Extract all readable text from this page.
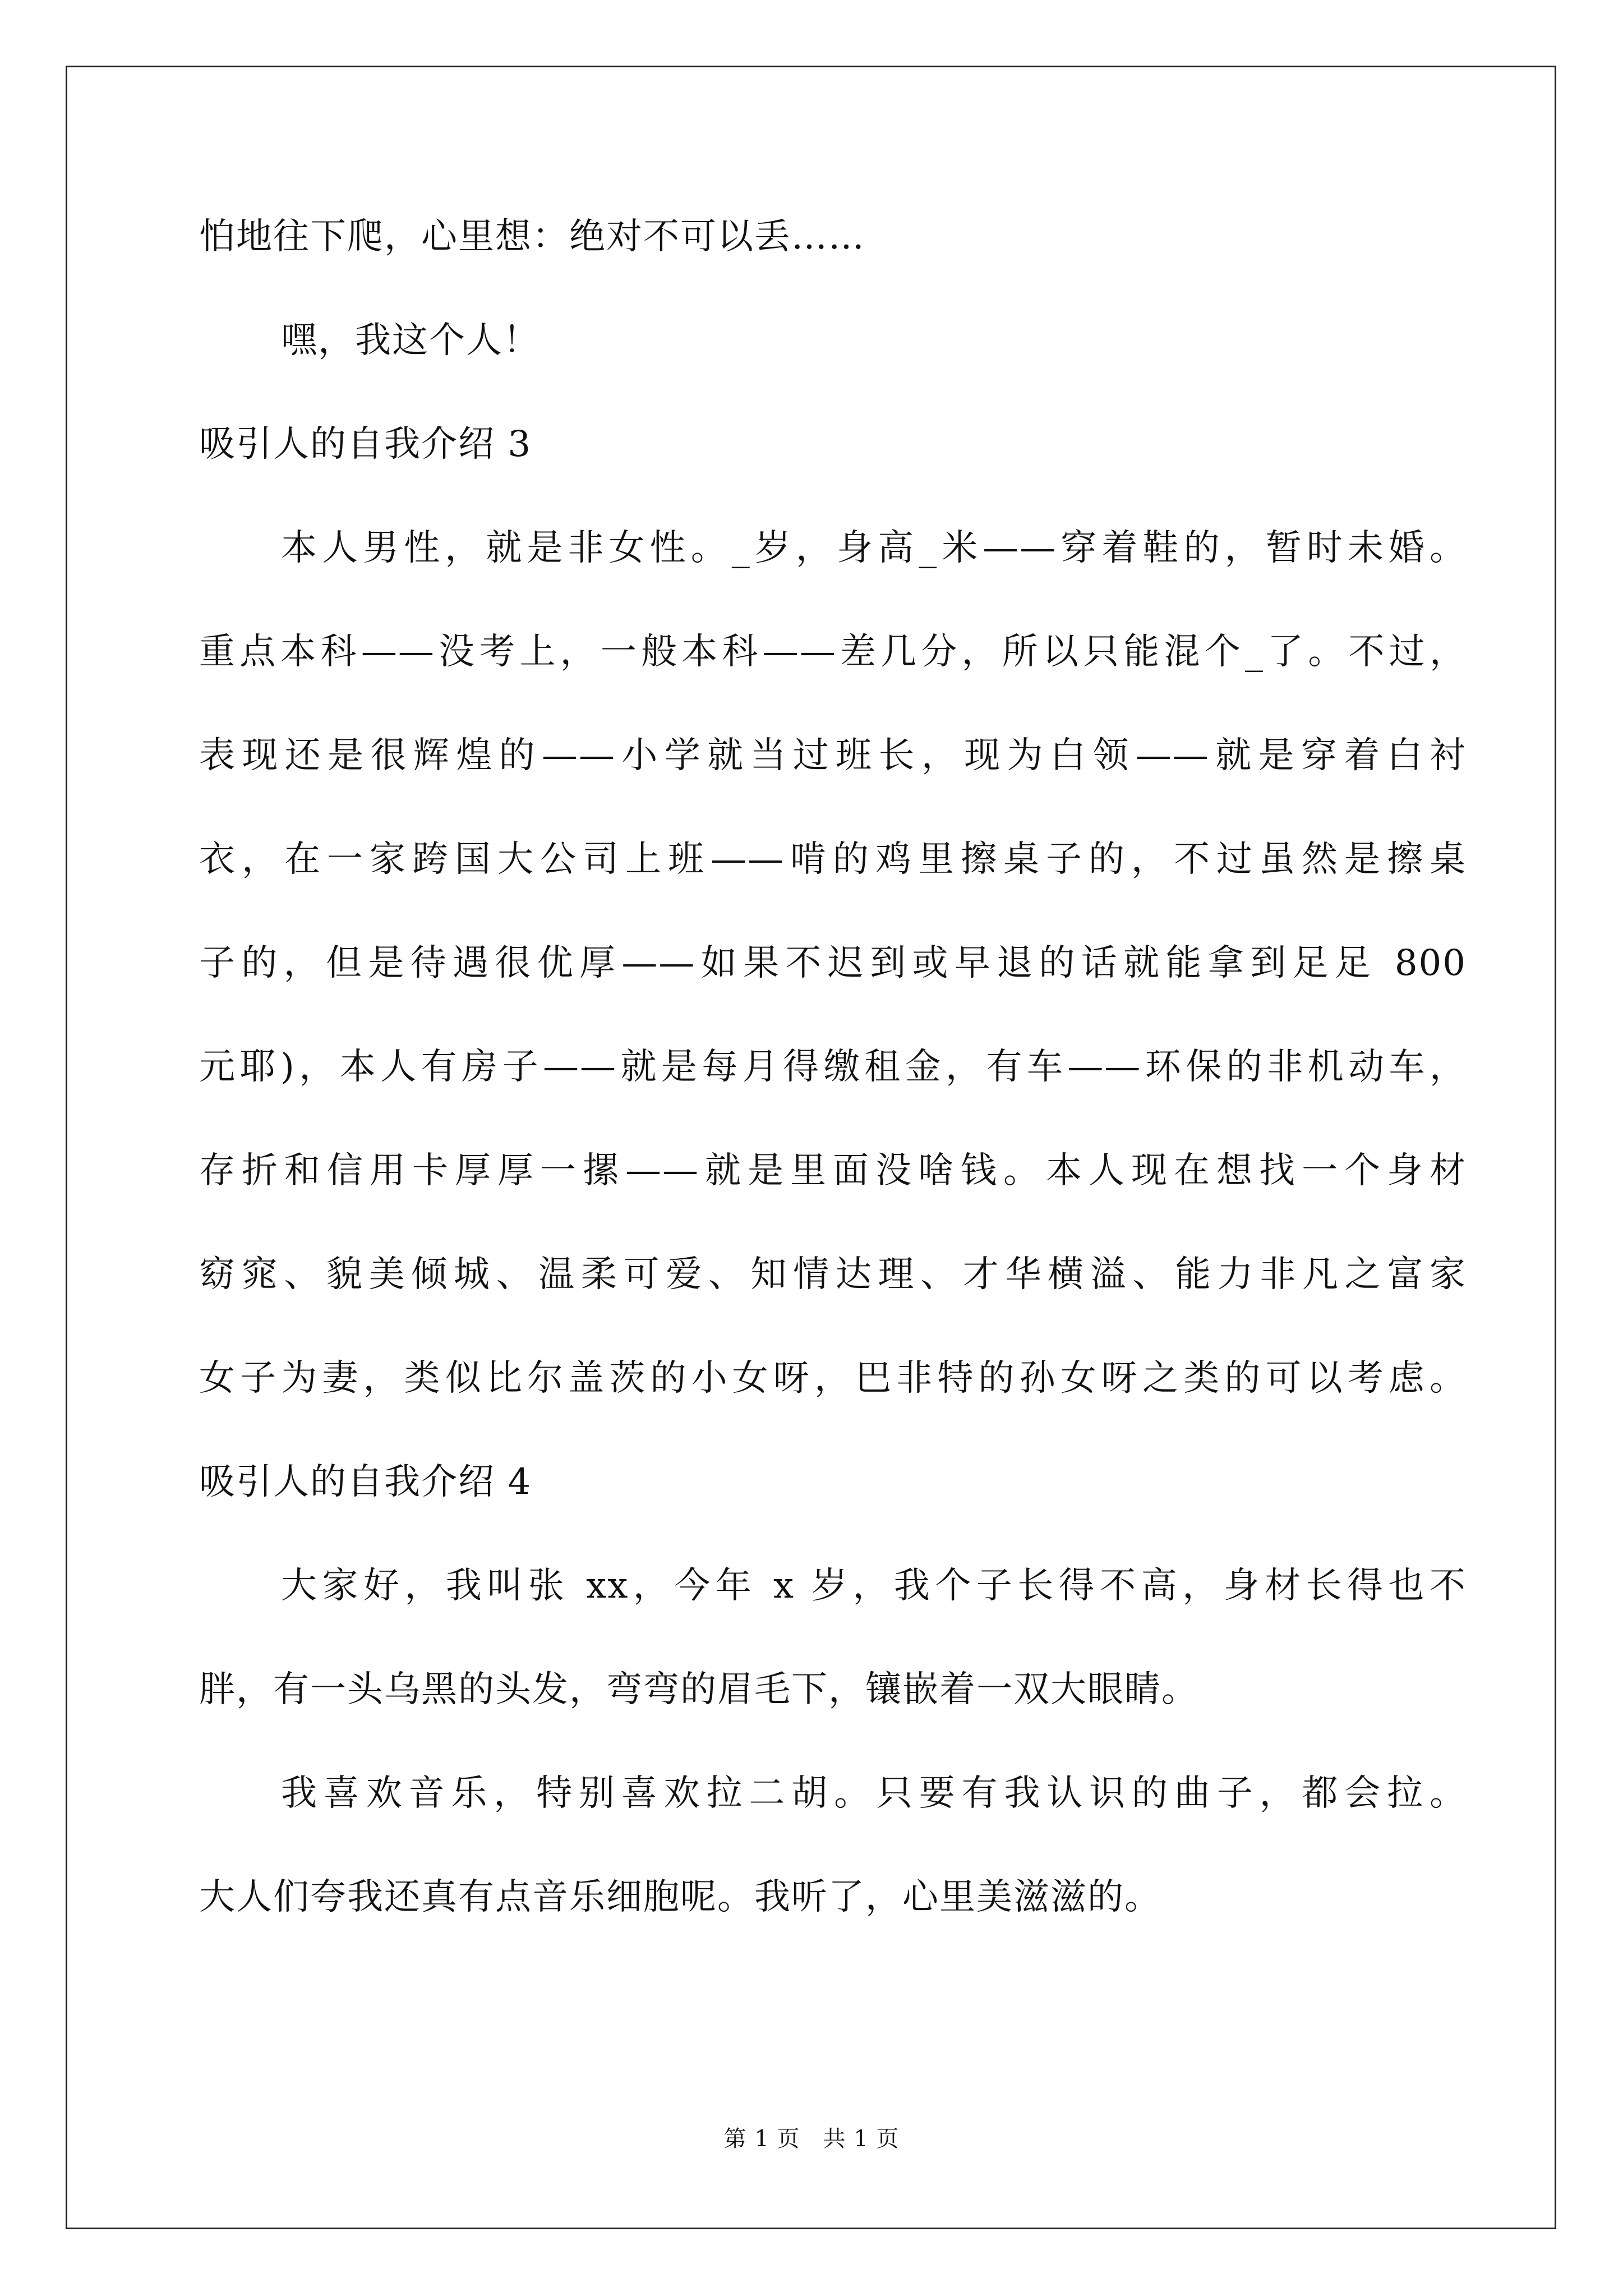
怕地往下爬，心里想：绝对不可以丢……
嘿，我这个人！
吸引人的自我介绍 3
本人男性，就是非女性。_岁，身高_米——穿着鞋的，暂时未婚。
重点本科——没考上，一般本科——差几分，所以只能混个_了。不过，
表现还是很辉煌的——小学就当过班长，现为白领——就是穿着白衬
衣，在一家跨国大公司上班——啃的鸡里擦桌子的，不过虽然是擦桌
子的，但是待遇很优厚——如果不迟到或早退的话就能拿到足足 800
元耶)，本人有房子——就是每月得缴租金，有车——环保的非机动车，
存折和信用卡厚厚一摞——就是里面没啥钱。本人现在想找一个身材
窈窕、貌美倾城、温柔可爱、知情达理、才华横溢、能力非凡之富家
女子为妻，类似比尔盖茨的小女呀，巴非特的孙女呀之类的可以考虑。
吸引人的自我介绍 4
大家好，我叫张 xx，今年 x 岁，我个子长得不高，身材长得也不
胖，有一头乌黑的头发，弯弯的眉毛下，镶嵌着一双大眼睛。
我喜欢音乐，特别喜欢拉二胡。只要有我认识的曲子，都会拉。
大人们夸我还真有点音乐细胞呢。我听了，心里美滋滋的。
第 1 页　共 1 页
